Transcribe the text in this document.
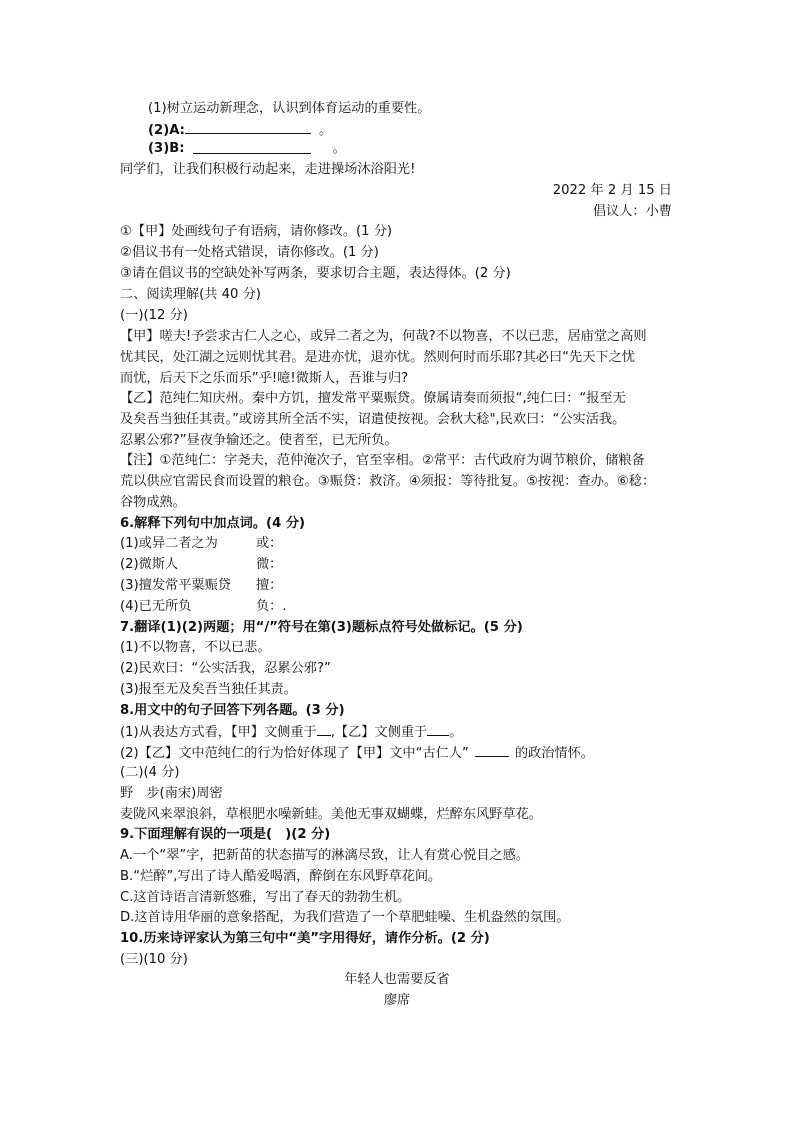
(1)树立运动新理念，认识到体育运动的重要性。
(2)A:	。
(3)B:	。
同学们，让我们积极行动起来，走进操场沐浴阳光!
2022 年 2 月 15 日
倡议人：小曹
①【甲】处画线句子有语病，请你修改。(1 分)
②倡议书有一处格式错误，请你修改。(1 分)
③请在倡议书的空缺处补写两条，要求切合主题，表达得体。(2 分)
二、阅读理解(共 40 分)
(一)(12 分)
【甲】嗟夫!予尝求古仁人之心，或异二者之为，何哉?不以物喜，不以已悲，居庙堂之高则
忧其民，处江湖之远则忧其君。是进亦忧，退亦忧。然则何时而乐耶?其必曰“先天下之忧
而忧，后天下之乐而乐”乎!噫!微斯人，吾谁与归?
【乙】范纯仁知庆州。秦中方饥，擅发常平粟赈贷。僚属请奏而须报“,纯仁曰：“报至无
及矣吾当独任其责。”或谤其所全活不实，诏遣使按视。会秋大稔",民欢曰：“公实活我。
忍累公邪?”昼夜争输还之。使者至，已无所负。
【注】①范纯仁：字尧夫，范仲淹次子，官至宰相。②常平：古代政府为调节粮价，储粮备
荒以供应官需民食而设置的粮仓。③赈贷：救济。④须报：等待批复。⑤按视：查办。⑥稔：
谷物成熟。
6.解释下列句中加点词。(4 分)
(1)或异二者之为	或：
(2)微斯人	微：
(3)擅发常平粟赈贷 擅：
(4)已无所负	负：.
7.翻译(1)(2)两题；用“/”符号在第(3)题标点符号处做标记。(5 分)
(1)不以物喜，不以已悲。
(2)民欢曰：“公实活我，忍累公邪?”
(3)报至无及矣吾当独任其责。
8.用文中的句子回答下列各题。(3 分)
(1)从表达方式看，【甲】文侧重于 ,【乙】文侧重于 。
(2)【乙】文中范纯仁的行为恰好体现了【甲】文中“古仁人”	的政治情怀。
(二)(4 分)
野　步(南宋)周密
麦陇风来翠浪斜，草根肥水噪新蛙。美他无事双蝴蝶，烂醉东风野草花。
9.下面理解有误的一项是(　)(2 分)
A.一个“翠”字，把新苗的状态描写的淋漓尽致，让人有赏心悦目之感。
B.“烂醉”,写出了诗人酷爱喝酒，醉倒在东风野草花间。
C.这首诗语言清新悠雅，写出了春天的勃勃生机。
D.这首诗用华丽的意象搭配，为我们营造了一个草肥蛙噪、生机盎然的氛围。
10.历来诗评家认为第三句中“美”字用得好，请作分析。(2 分)
(三)(10 分)
年轻人也需要反省
廖席
